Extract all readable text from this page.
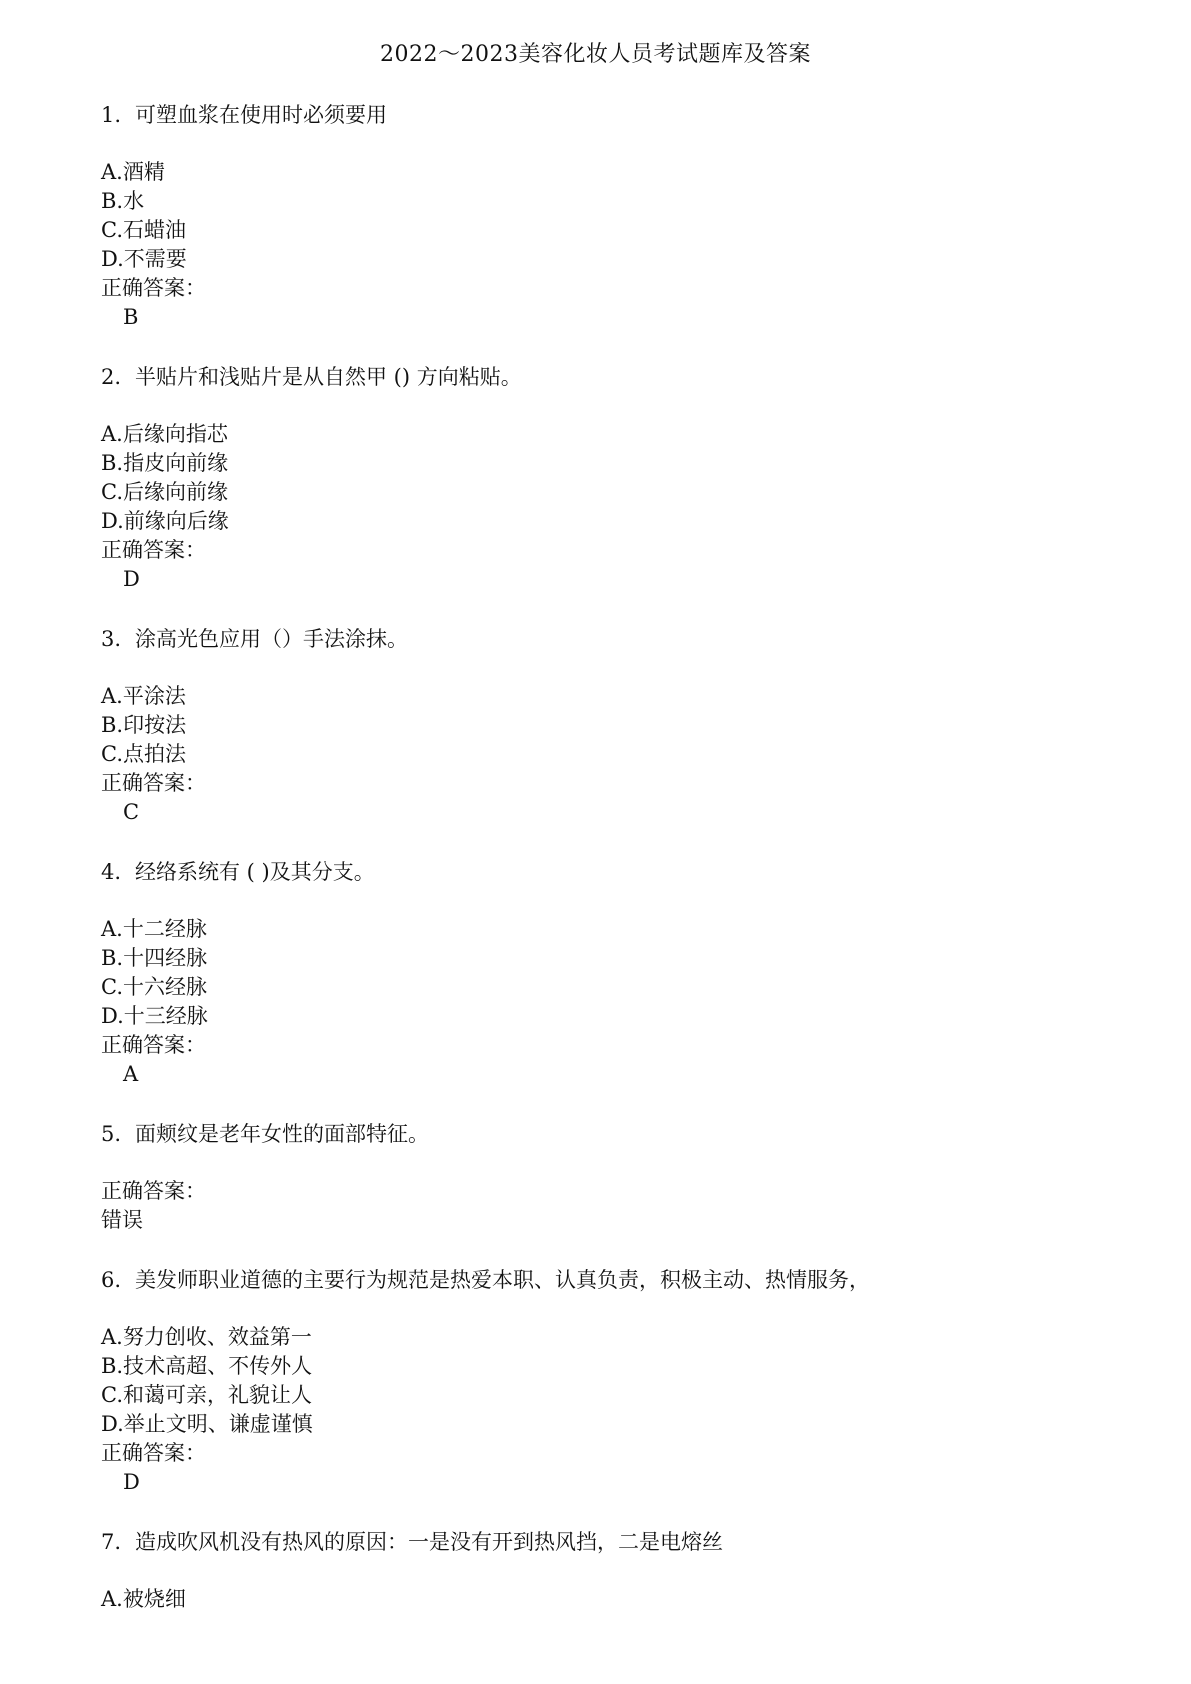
2022～2023美容化妆人员考试题库及答案
1. 可塑血浆在使用时必须要用
A.酒精
B.水
C.石蜡油
D.不需要
正确答案：
B
2. 半贴片和浅贴片是从自然甲 () 方向粘贴。
A.后缘向指芯
B.指皮向前缘
C.后缘向前缘
D.前缘向后缘
正确答案：
D
3. 涂高光色应用（）手法涂抹。
A.平涂法
B.印按法
C.点拍法
正确答案：
C
4. 经络系统有 ( )及其分支。
A.十二经脉
B.十四经脉
C.十六经脉
D.十三经脉
正确答案：
A
5. 面颊纹是老年女性的面部特征。
正确答案：
错误
6. 美发师职业道德的主要行为规范是热爱本职、认真负责，积极主动、热情服务，
A.努力创收、效益第一
B.技术高超、不传外人
C.和蔼可亲，礼貌让人
D.举止文明、谦虚谨慎
正确答案：
D
7. 造成吹风机没有热风的原因：一是没有开到热风挡，二是电熔丝
A.被烧细
